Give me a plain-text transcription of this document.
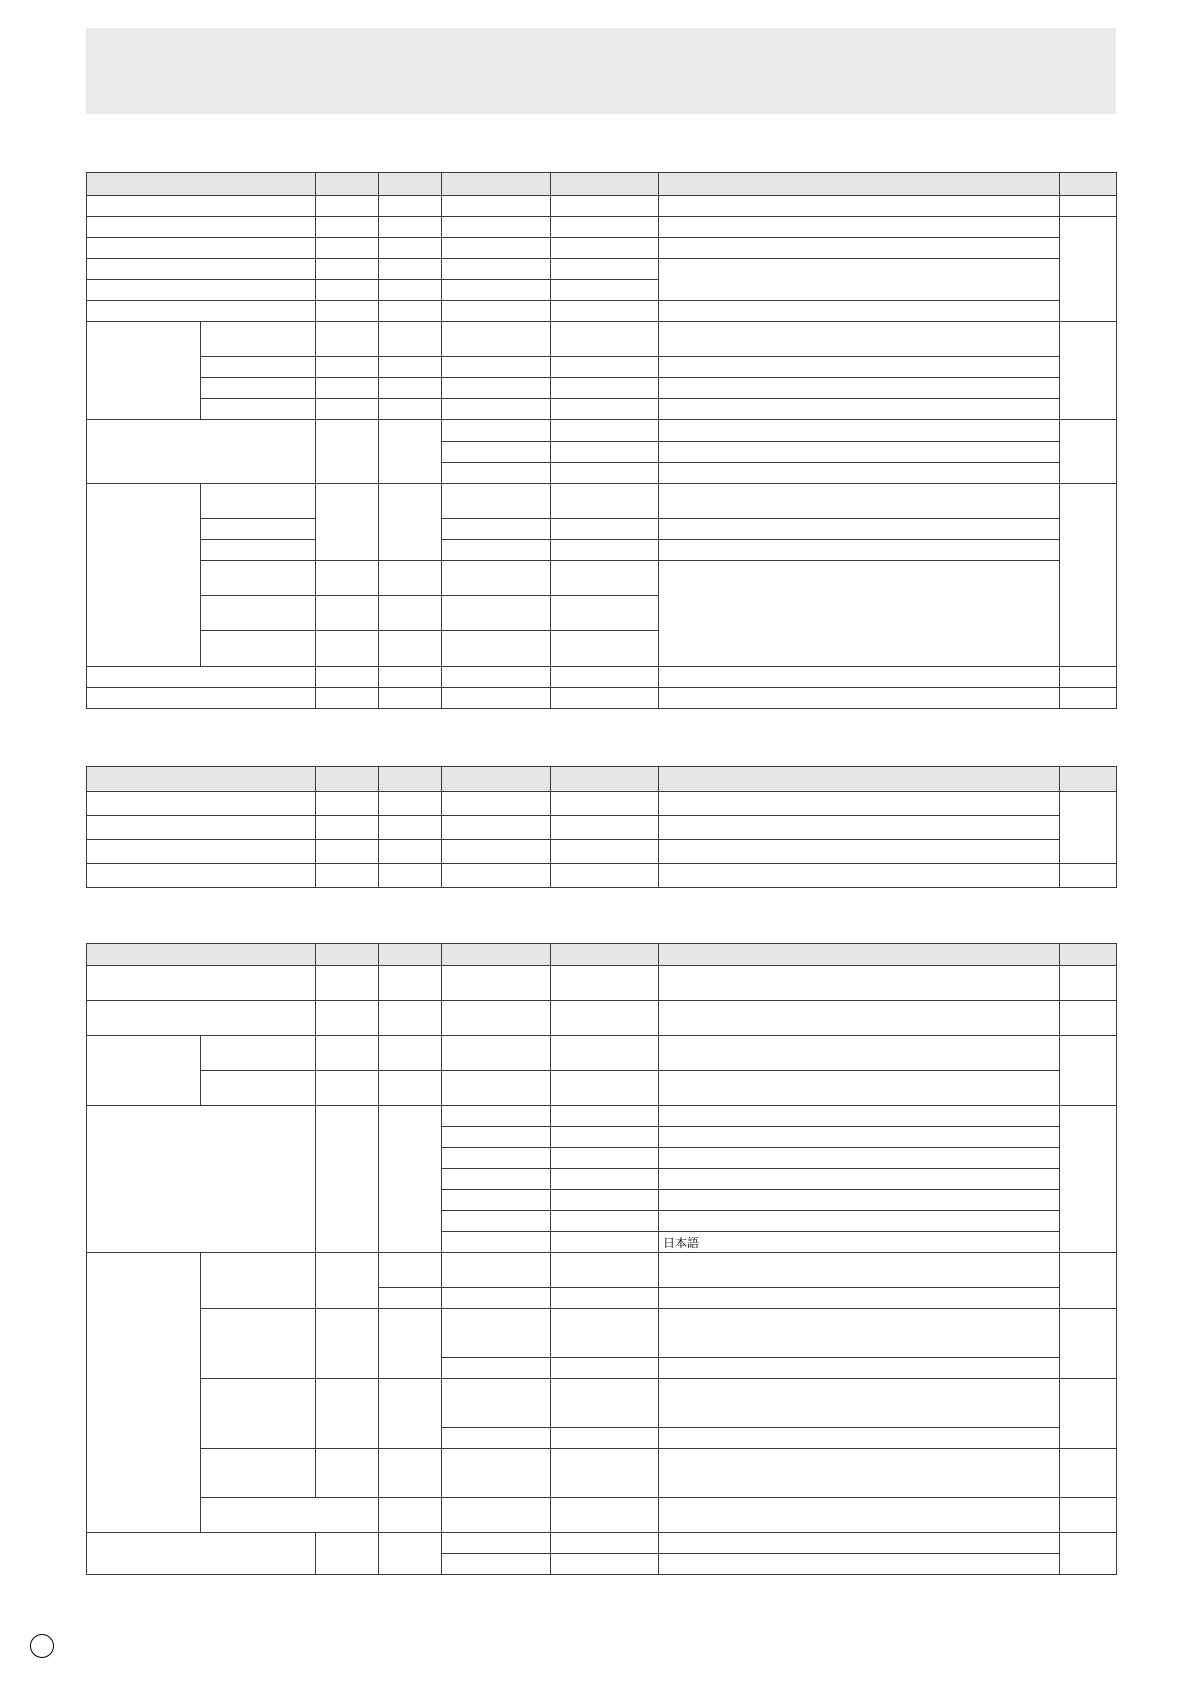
						日本語		
